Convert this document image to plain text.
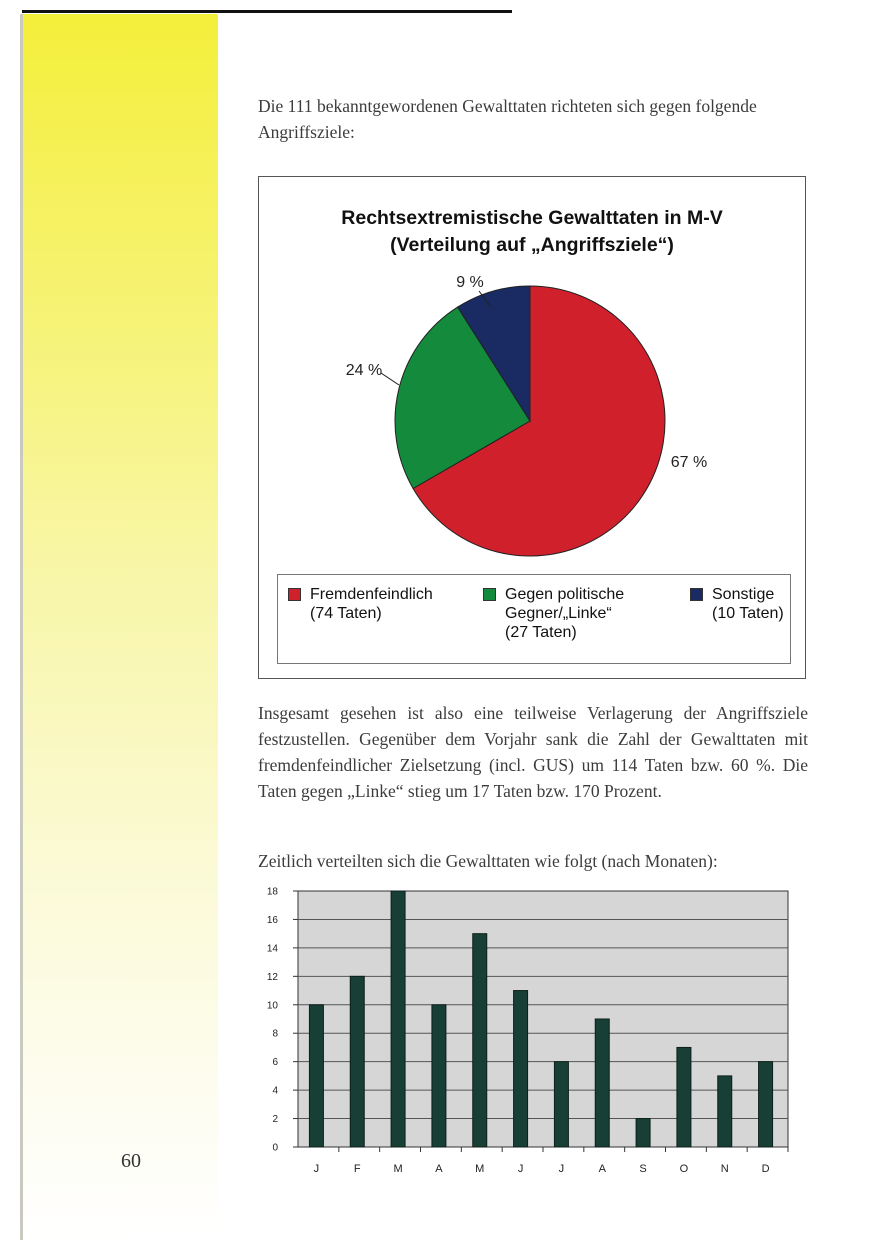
Die 111 bekanntgewordenen Gewalttaten richteten sich gegen folgende Angriffsziele:

Rechtsextremistische Gewalttaten in M-V
(Verteilung auf „Angriffsziele“)
9 %
24 %
67 %
Fremdenfeindlich
(74 Taten)
Gegen politische
Gegner/„Linke“
(27 Taten)
Sonstige
(10 Taten)

Insgesamt gesehen ist also eine teilweise Verlagerung der Angriffsziele festzustellen. Gegenüber dem Vorjahr sank die Zahl der Gewalttaten mit fremdenfeindlicher Zielsetzung (incl. GUS) um 114 Taten bzw. 60 %. Die Taten gegen „Linke“ stieg um 17 Taten bzw. 170 Prozent.

Zeitlich verteilten sich die Gewalttaten wie folgt (nach Monaten):

0
2
4
6
8
10
12
14
16
18
J	F	M	A	M	J	J	A	S	O	N	D
60
